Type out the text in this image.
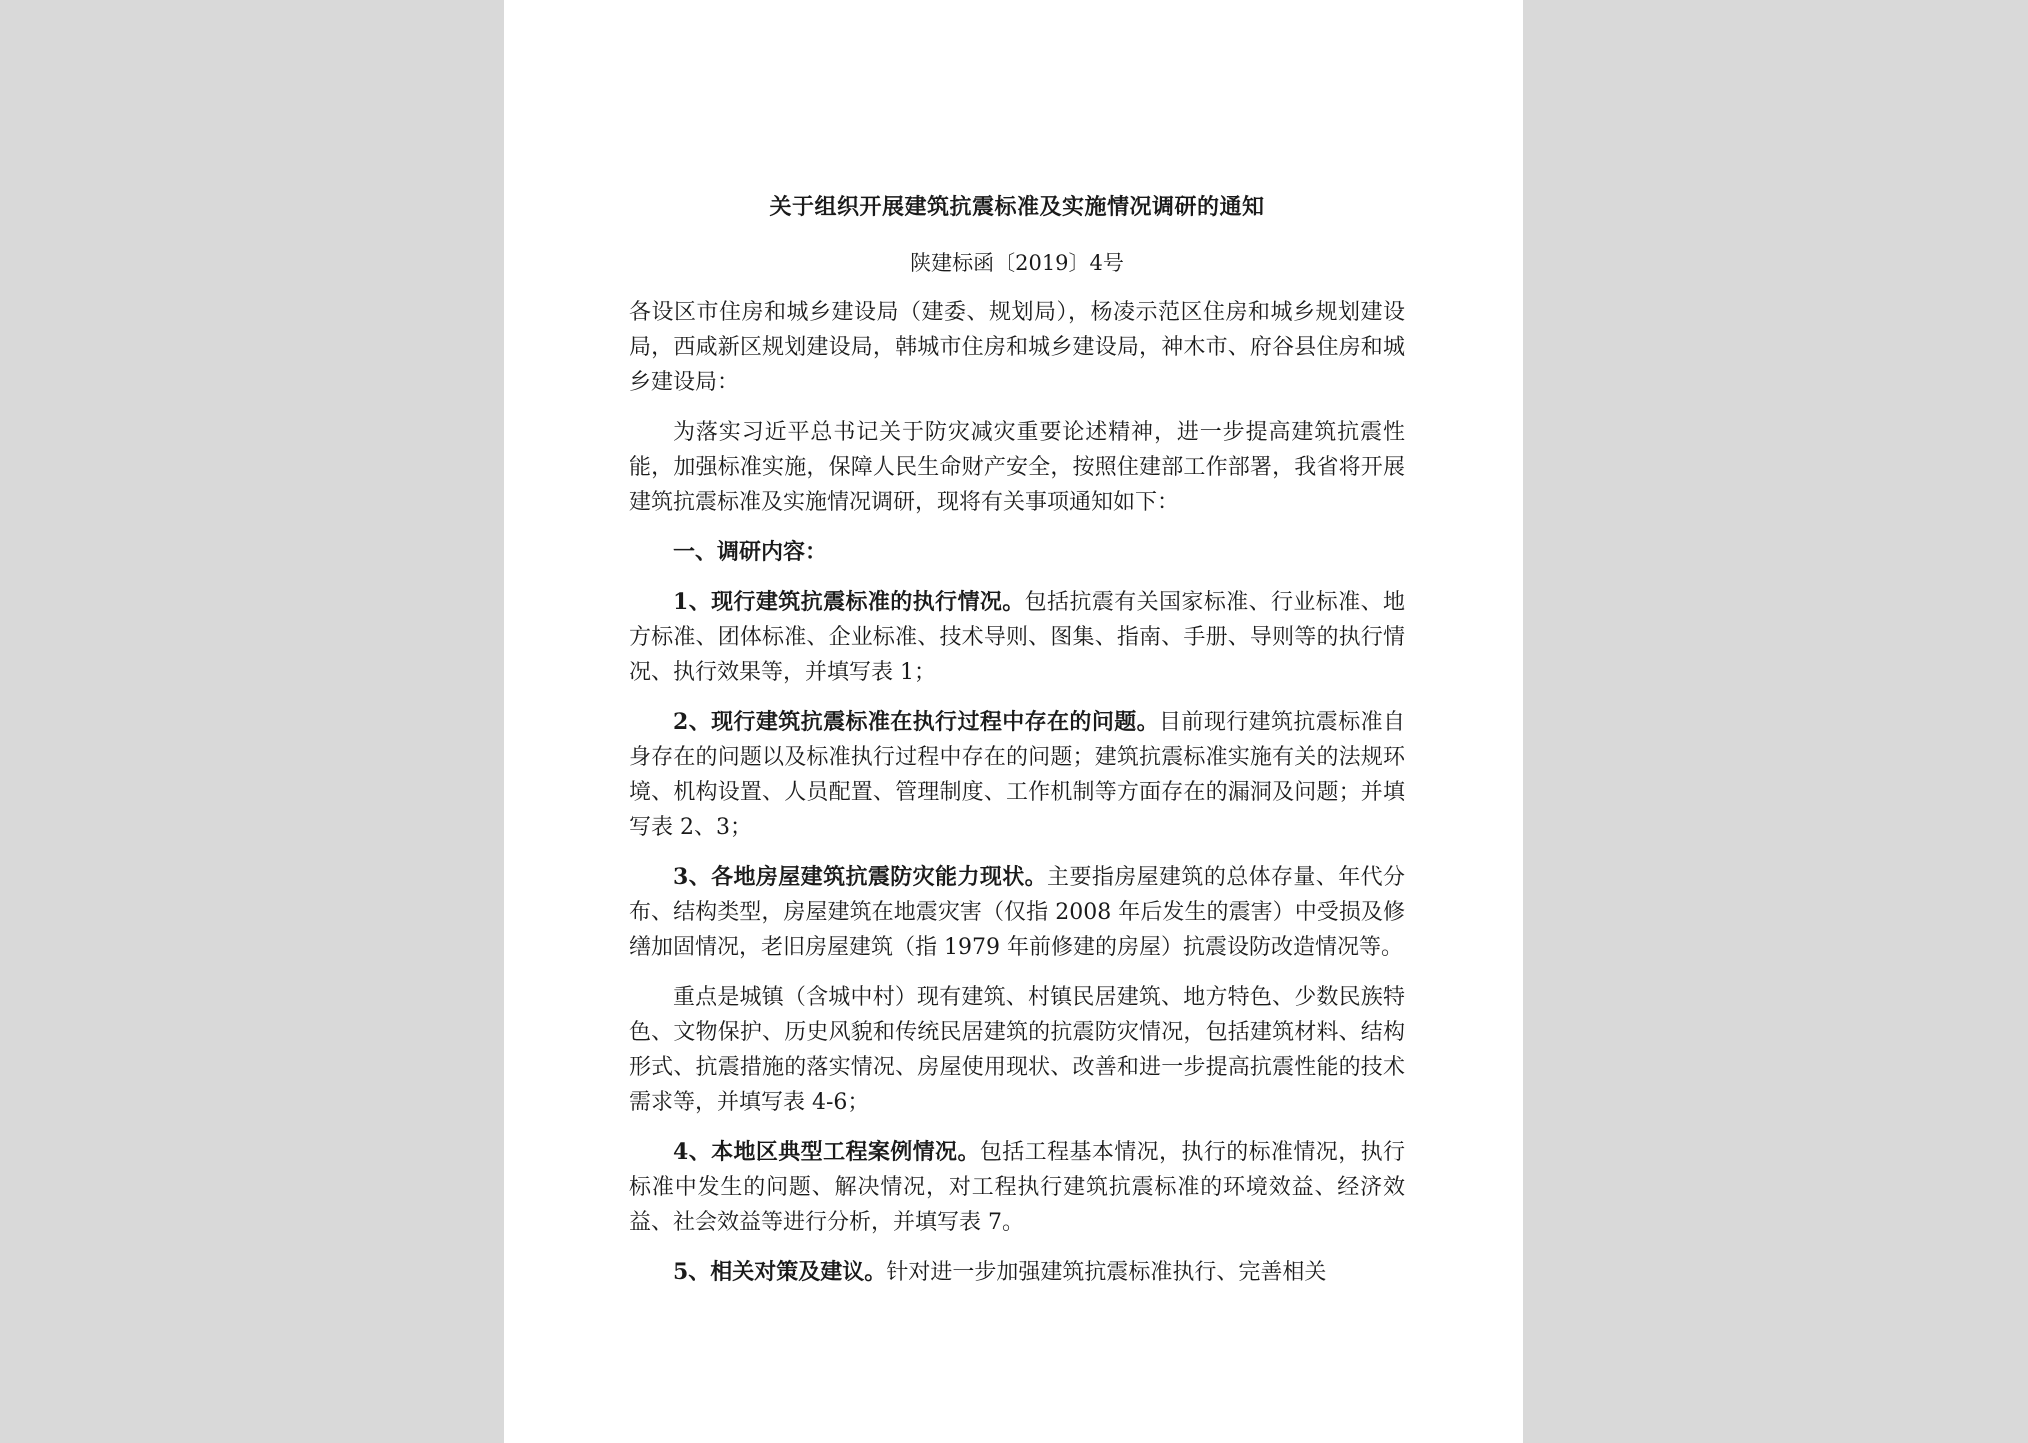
关于组织开展建筑抗震标准及实施情况调研的通知
陕建标函〔2019〕4号

各设区市住房和城乡建设局（建委、规划局），杨凌示范区住房和城乡规划建设局，西咸新区规划建设局，韩城市住房和城乡建设局，神木市、府谷县住房和城乡建设局：

为落实习近平总书记关于防灾减灾重要论述精神，进一步提高建筑抗震性能，加强标准实施，保障人民生命财产安全，按照住建部工作部署，我省将开展建筑抗震标准及实施情况调研，现将有关事项通知如下：

一、调研内容：

1、现行建筑抗震标准的执行情况。包括抗震有关国家标准、行业标准、地方标准、团体标准、企业标准、技术导则、图集、指南、手册、导则等的执行情况、执行效果等，并填写表 1；

2、现行建筑抗震标准在执行过程中存在的问题。目前现行建筑抗震标准自身存在的问题以及标准执行过程中存在的问题；建筑抗震标准实施有关的法规环境、机构设置、人员配置、管理制度、工作机制等方面存在的漏洞及问题；并填写表 2、3；

3、各地房屋建筑抗震防灾能力现状。主要指房屋建筑的总体存量、年代分布、结构类型，房屋建筑在地震灾害（仅指 2008 年后发生的震害）中受损及修缮加固情况，老旧房屋建筑（指 1979 年前修建的房屋）抗震设防改造情况等。

重点是城镇（含城中村）现有建筑、村镇民居建筑、地方特色、少数民族特色、文物保护、历史风貌和传统民居建筑的抗震防灾情况，包括建筑材料、结构形式、抗震措施的落实情况、房屋使用现状、改善和进一步提高抗震性能的技术需求等，并填写表 4-6；

4、本地区典型工程案例情况。包括工程基本情况，执行的标准情况，执行标准中发生的问题、解决情况，对工程执行建筑抗震标准的环境效益、经济效益、社会效益等进行分析，并填写表 7。

5、相关对策及建议。针对进一步加强建筑抗震标准执行、完善相关
